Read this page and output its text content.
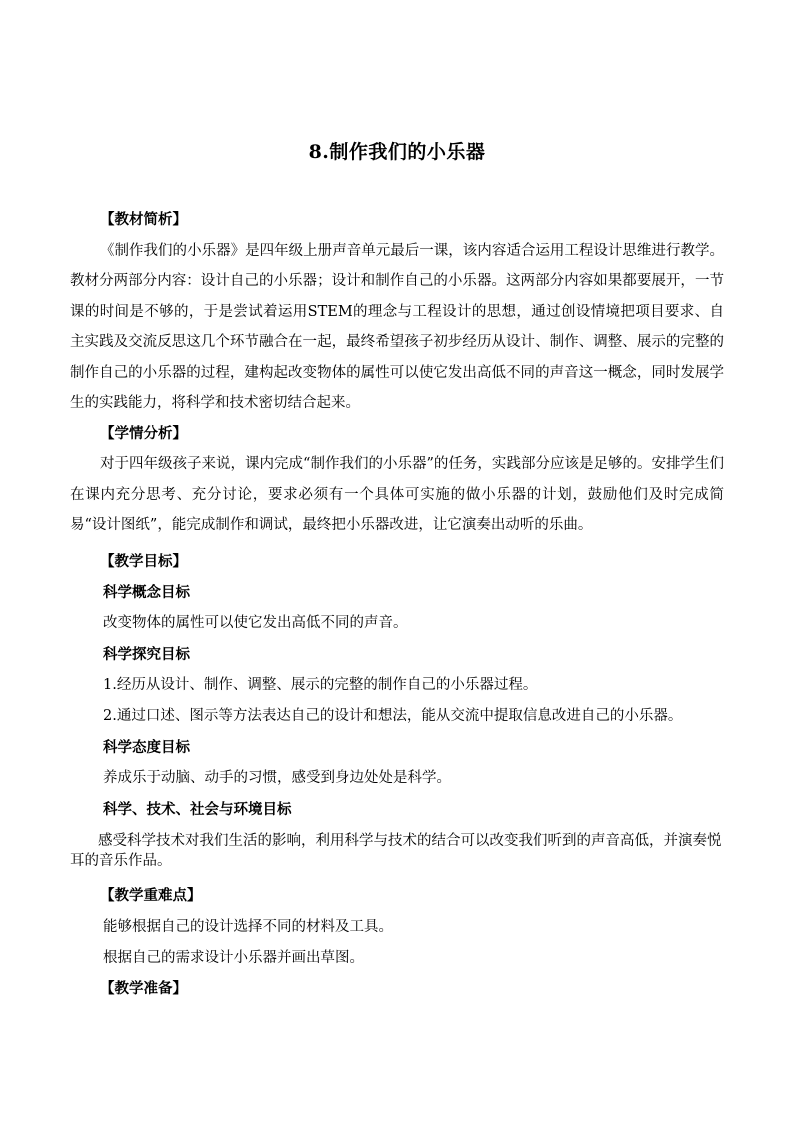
8.制作我们的小乐器

【教材简析】

《制作我们的小乐器》是四年级上册声音单元最后一课，该内容适合运用工程设计思维进行教学。教材分两部分内容：设计自己的小乐器；设计和制作自己的小乐器。这两部分内容如果都要展开，一节课的时间是不够的，于是尝试着运用STEM的理念与工程设计的思想，通过创设情境把项目要求、自主实践及交流反思这几个环节融合在一起，最终希望孩子初步经历从设计、制作、调整、展示的完整的制作自己的小乐器的过程，建构起改变物体的属性可以使它发出高低不同的声音这一概念，同时发展学生的实践能力，将科学和技术密切结合起来。

【学情分析】

对于四年级孩子来说，课内完成“制作我们的小乐器”的任务，实践部分应该是足够的。安排学生们在课内充分思考、充分讨论，要求必须有一个具体可实施的做小乐器的计划，鼓励他们及时完成简易“设计图纸”，能完成制作和调试，最终把小乐器改进，让它演奏出动听的乐曲。

【教学目标】

科学概念目标

改变物体的属性可以使它发出高低不同的声音。

科学探究目标

1.经历从设计、制作、调整、展示的完整的制作自己的小乐器过程。

2.通过口述、图示等方法表达自己的设计和想法，能从交流中提取信息改进自己的小乐器。

科学态度目标

养成乐于动脑、动手的习惯，感受到身边处处是科学。

科学、技术、社会与环境目标

感受科学技术对我们生活的影响，利用科学与技术的结合可以改变我们听到的声音高低，并演奏悦耳的音乐作品。

【教学重难点】

能够根据自己的设计选择不同的材料及工具。

根据自己的需求设计小乐器并画出草图。

【教学准备】
